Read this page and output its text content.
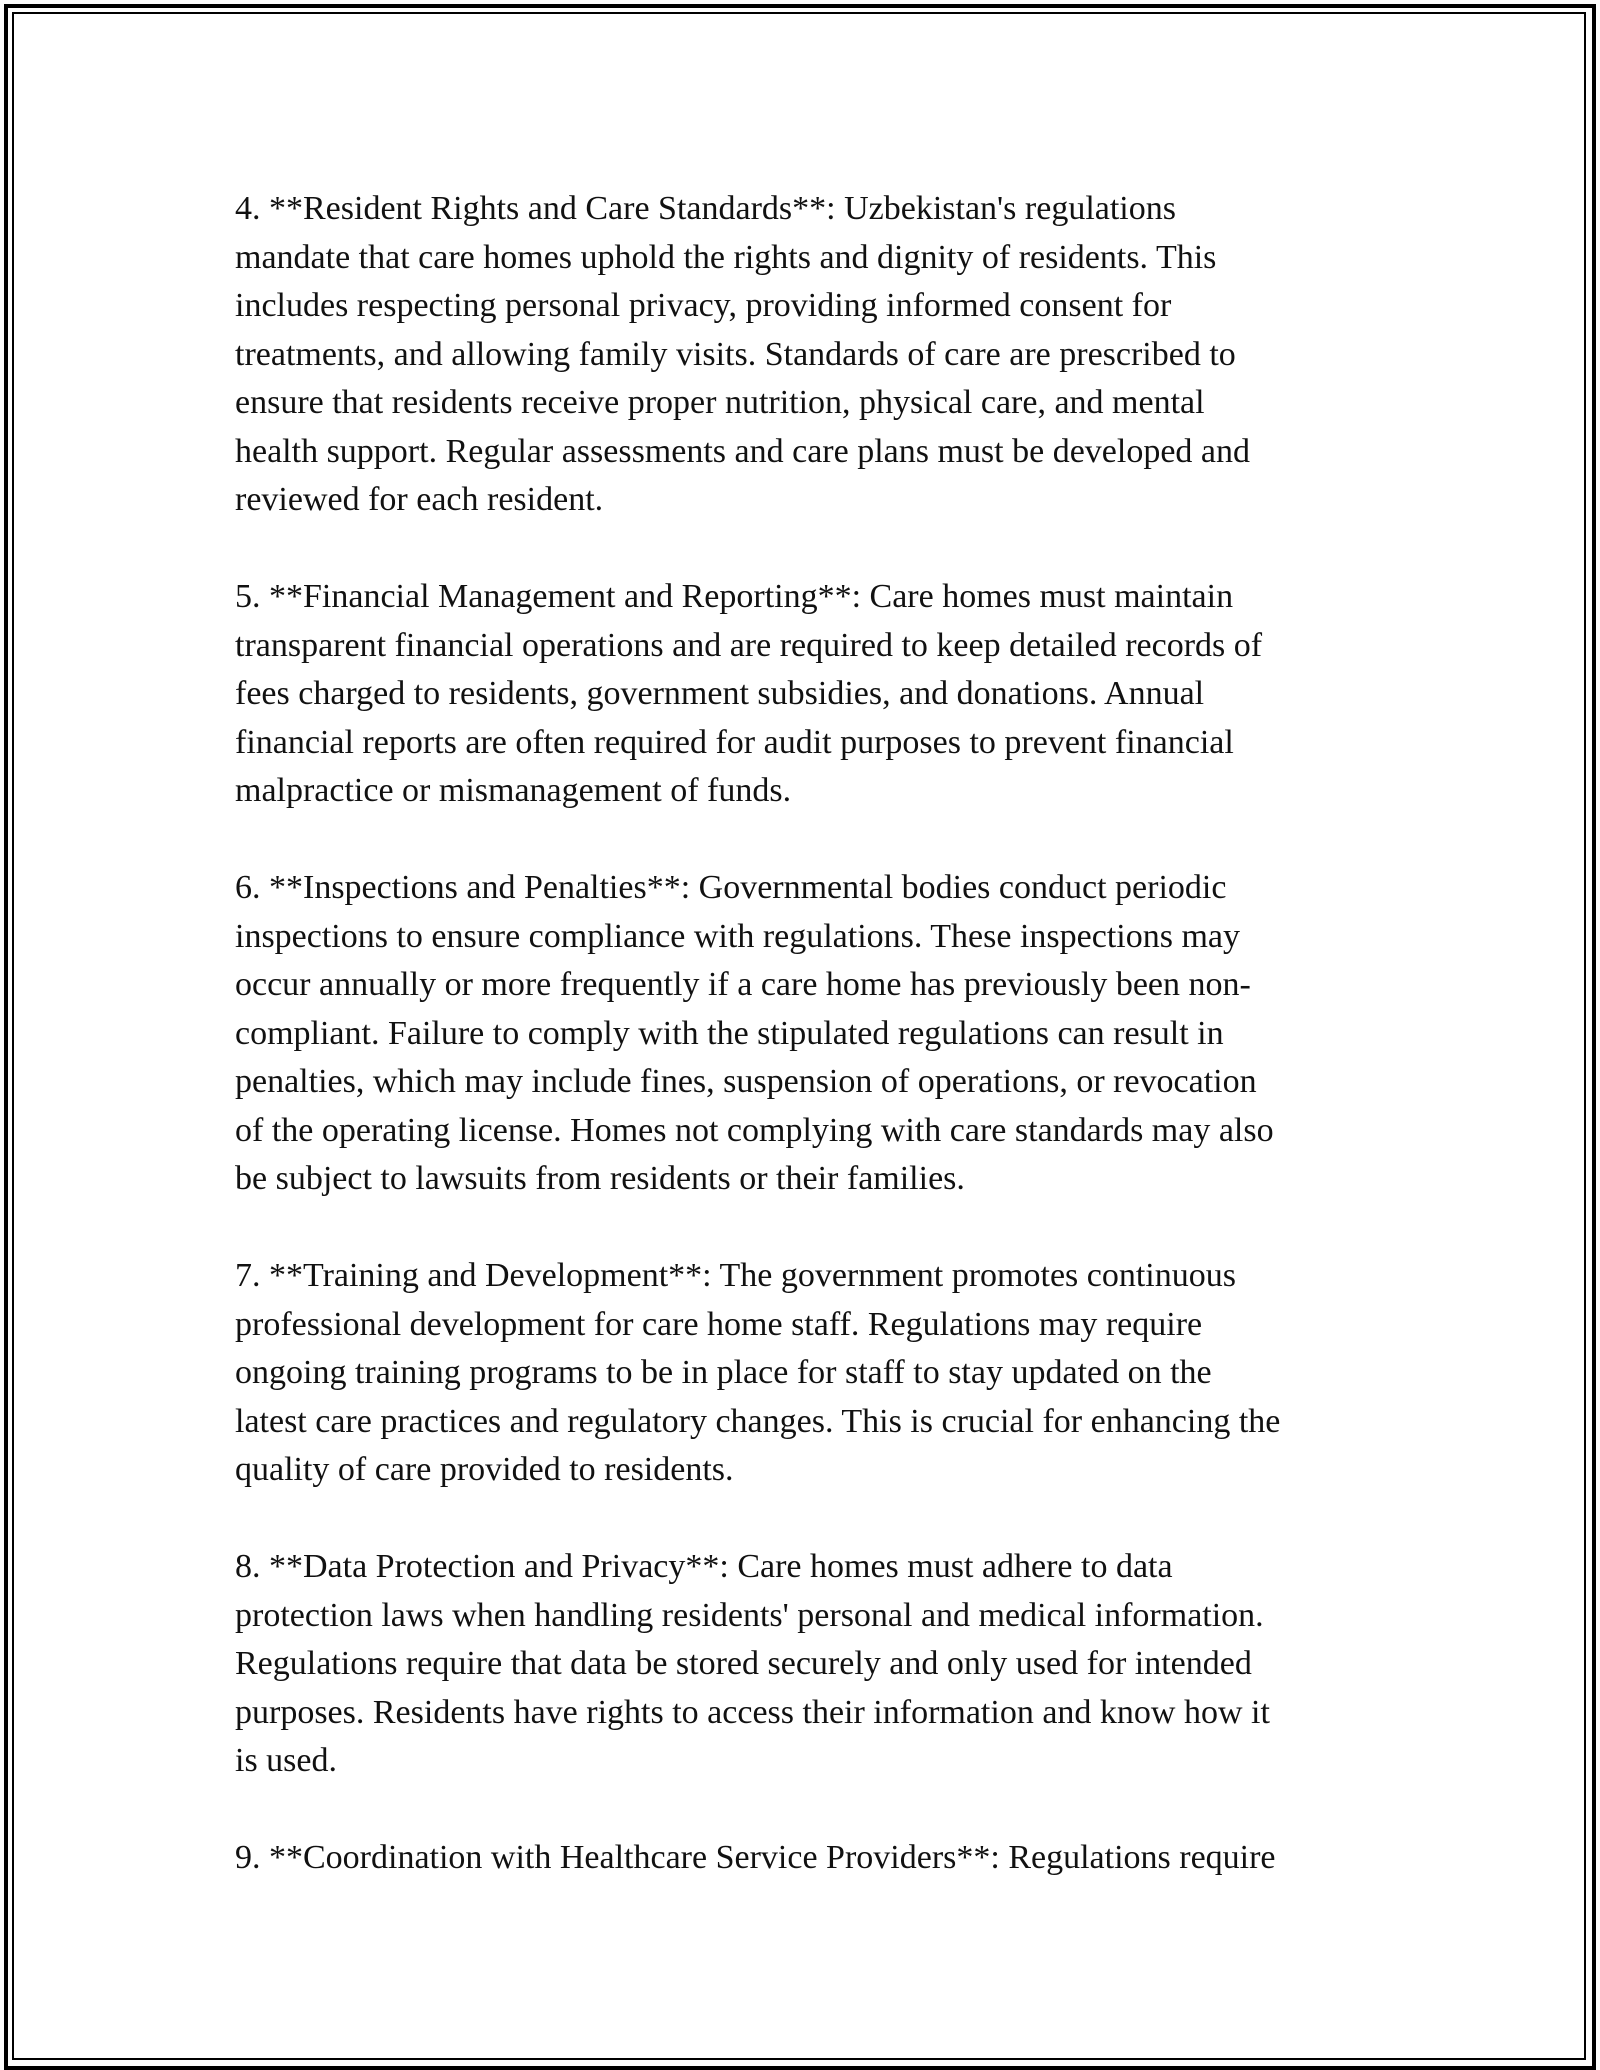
4. **Resident Rights and Care Standards**: Uzbekistan's regulations
mandate that care homes uphold the rights and dignity of residents. This
includes respecting personal privacy, providing informed consent for
treatments, and allowing family visits. Standards of care are prescribed to
ensure that residents receive proper nutrition, physical care, and mental
health support. Regular assessments and care plans must be developed and
reviewed for each resident.

5. **Financial Management and Reporting**: Care homes must maintain
transparent financial operations and are required to keep detailed records of
fees charged to residents, government subsidies, and donations. Annual
financial reports are often required for audit purposes to prevent financial
malpractice or mismanagement of funds.

6. **Inspections and Penalties**: Governmental bodies conduct periodic
inspections to ensure compliance with regulations. These inspections may
occur annually or more frequently if a care home has previously been non-
compliant. Failure to comply with the stipulated regulations can result in
penalties, which may include fines, suspension of operations, or revocation
of the operating license. Homes not complying with care standards may also
be subject to lawsuits from residents or their families.

7. **Training and Development**: The government promotes continuous
professional development for care home staff. Regulations may require
ongoing training programs to be in place for staff to stay updated on the
latest care practices and regulatory changes. This is crucial for enhancing the
quality of care provided to residents.

8. **Data Protection and Privacy**: Care homes must adhere to data
protection laws when handling residents' personal and medical information.
Regulations require that data be stored securely and only used for intended
purposes. Residents have rights to access their information and know how it
is used.

9. **Coordination with Healthcare Service Providers**: Regulations require
